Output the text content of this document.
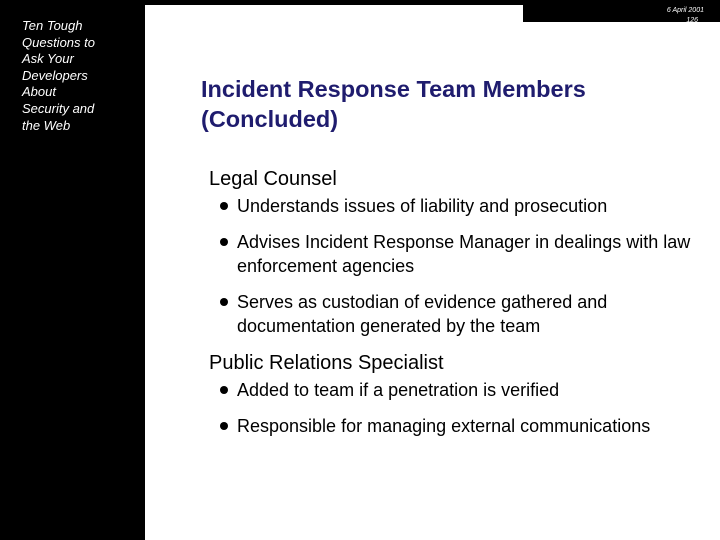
Ten Tough
Questions to
Ask Your
Developers
About
Security and
the Web
6 April 2001
126
Incident Response Team Members (Concluded)
Legal Counsel
Understands issues of liability and prosecution
Advises Incident Response Manager in dealings with law enforcement agencies
Serves as custodian of evidence gathered and documentation generated by the team
Public Relations Specialist
Added to team if a penetration is verified
Responsible for managing external communications
